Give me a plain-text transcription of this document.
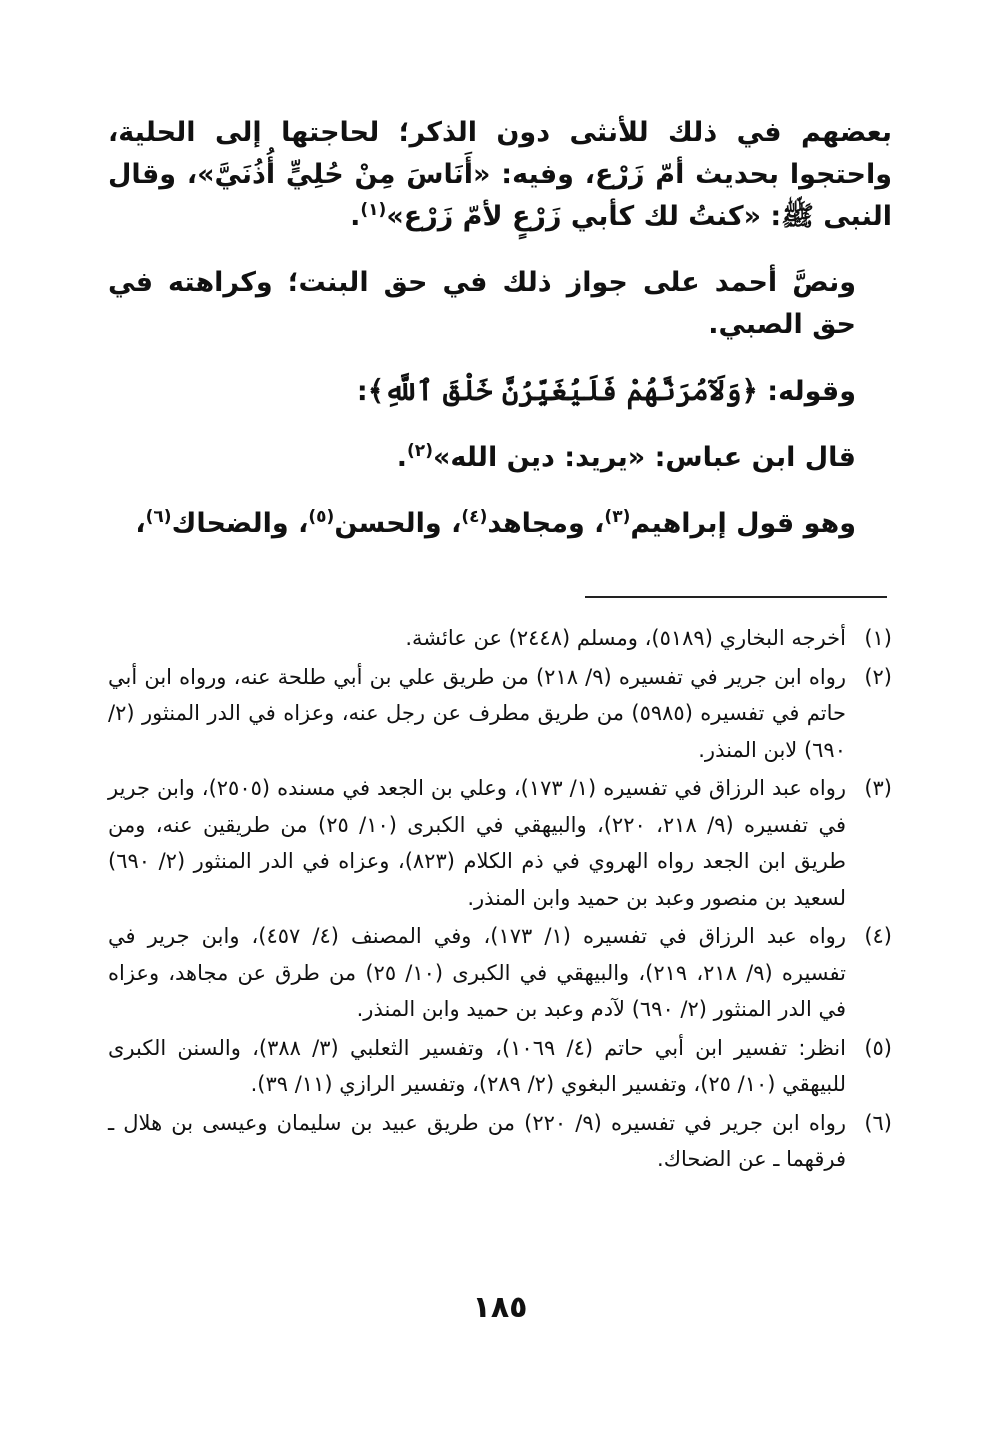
بعضهم في ذلك للأنثى دون الذكر؛ لحاجتها إلى الحلية، واحتجوا بحديث أمّ زَرْع، وفيه: «أَنَاسَ مِنْ حُلِيٍّ أُذُنَيَّ»، وقال النبى ﷺ: «كنتُ لك كأبي زَرْعٍ لأمّ زَرْع»$^{(١)}$.

ونصَّ أحمد على جواز ذلك في حق البنت؛ وكراهته في حق الصبي.

وقوله: ﴿وَلَآمُرَنَّهُمْ فَلَيُغَيِّرُنَّ خَلْقَ ٱللَّهِ﴾:

قال ابن عباس: «يريد: دين الله»$^{(٢)}$.

وهو قول إبراهيم$^{(٣)}$، ومجاهد$^{(٤)}$، والحسن$^{(٥)}$، والضحاك$^{(٦)}$،

(١)
أخرجه البخاري (٥١٨٩)، ومسلم (٢٤٤٨) عن عائشة.
(٢)
رواه ابن جرير في تفسيره (٩/ ٢١٨) من طريق علي بن أبي طلحة عنه، ورواه ابن أبي حاتم في تفسيره (٥٩٨٥) من طريق مطرف عن رجل عنه، وعزاه في الدر المنثور (٢/ ٦٩٠) لابن المنذر.
(٣)
رواه عبد الرزاق في تفسيره (١/ ١٧٣)، وعلي بن الجعد في مسنده (٢٥٠٥)، وابن جرير في تفسيره (٩/ ٢١٨، ٢٢٠)، والبيهقي في الكبرى (١٠/ ٢٥) من طريقين عنه، ومن طريق ابن الجعد رواه الهروي في ذم الكلام (٨٢٣)، وعزاه في الدر المنثور (٢/ ٦٩٠) لسعيد بن منصور وعبد بن حميد وابن المنذر.
(٤)
رواه عبد الرزاق في تفسيره (١/ ١٧٣)، وفي المصنف (٤/ ٤٥٧)، وابن جرير في تفسيره (٩/ ٢١٨، ٢١٩)، والبيهقي في الكبرى (١٠/ ٢٥) من طرق عن مجاهد، وعزاه في الدر المنثور (٢/ ٦٩٠) لآدم وعبد بن حميد وابن المنذر.
(٥)
انظر: تفسير ابن أبي حاتم (٤/ ١٠٦٩)، وتفسير الثعلبي (٣/ ٣٨٨)، والسنن الكبرى للبيهقي (١٠/ ٢٥)، وتفسير البغوي (٢/ ٢٨٩)، وتفسير الرازي (١١/ ٣٩).
(٦)
رواه ابن جرير في تفسيره (٩/ ٢٢٠) من طريق عبيد بن سليمان وعيسى بن هلال ـ فرقهما ـ عن الضحاك.
١٨٥
